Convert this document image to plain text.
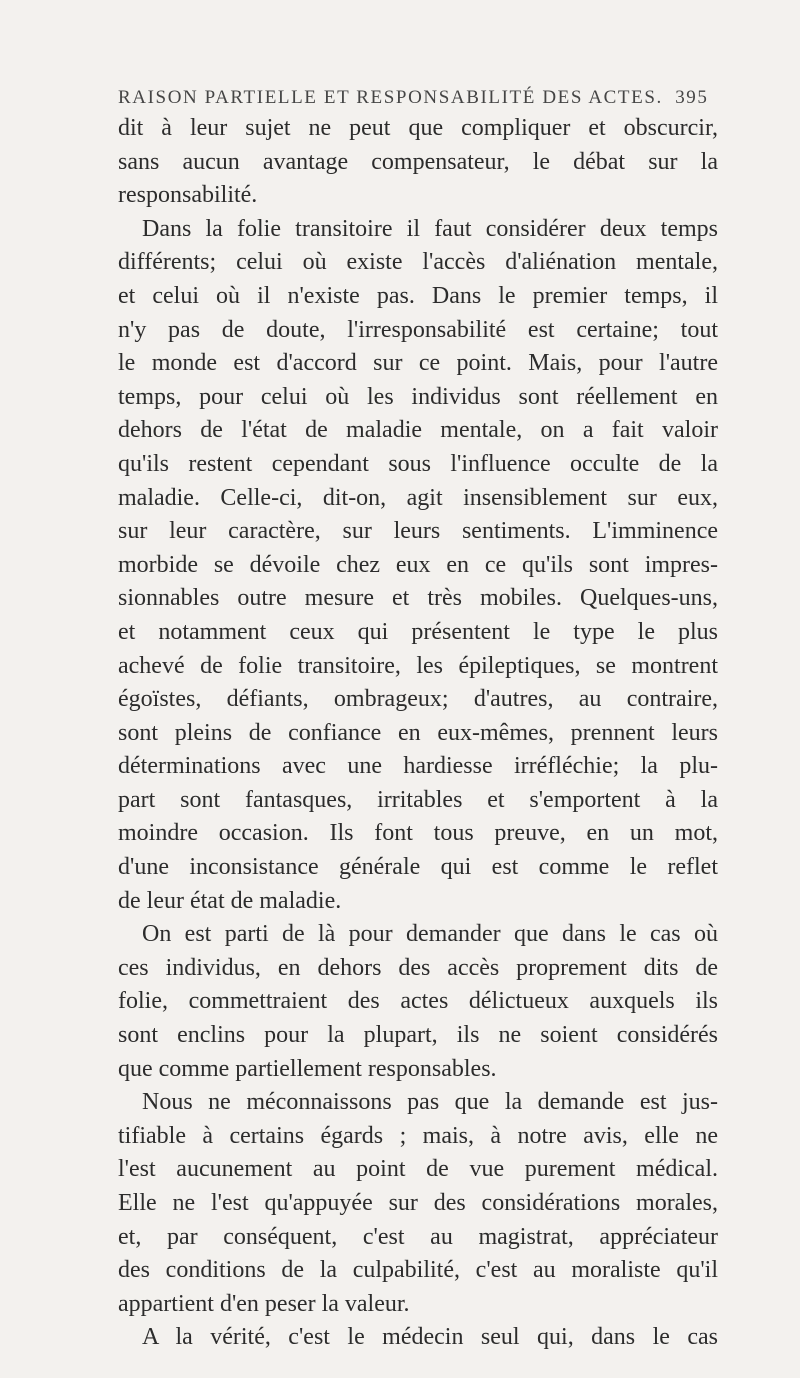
RAISON PARTIELLE ET RESPONSABILITÉ DES ACTES. 395
dit à leur sujet ne peut que compliquer et obscurcir,
sans aucun avantage compensateur, le débat sur la
responsabilité.
Dans la folie transitoire il faut considérer deux temps
différents; celui où existe l'accès d'aliénation mentale,
et celui où il n'existe pas. Dans le premier temps, il
n'y pas de doute, l'irresponsabilité est certaine; tout
le monde est d'accord sur ce point. Mais, pour l'autre
temps, pour celui où les individus sont réellement en
dehors de l'état de maladie mentale, on a fait valoir
qu'ils restent cependant sous l'influence occulte de la
maladie. Celle-ci, dit-on, agit insensiblement sur eux,
sur leur caractère, sur leurs sentiments. L'imminence
morbide se dévoile chez eux en ce qu'ils sont impres-
sionnables outre mesure et très mobiles. Quelques-uns,
et notamment ceux qui présentent le type le plus
achevé de folie transitoire, les épileptiques, se montrent
égoïstes, défiants, ombrageux; d'autres, au contraire,
sont pleins de confiance en eux-mêmes, prennent leurs
déterminations avec une hardiesse irréfléchie; la plu-
part sont fantasques, irritables et s'emportent à la
moindre occasion. Ils font tous preuve, en un mot,
d'une inconsistance générale qui est comme le reflet
de leur état de maladie.
On est parti de là pour demander que dans le cas où
ces individus, en dehors des accès proprement dits de
folie, commettraient des actes délictueux auxquels ils
sont enclins pour la plupart, ils ne soient considérés
que comme partiellement responsables.
Nous ne méconnaissons pas que la demande est jus-
tifiable à certains égards ; mais, à notre avis, elle ne
l'est aucunement au point de vue purement médical.
Elle ne l'est qu'appuyée sur des considérations morales,
et, par conséquent, c'est au magistrat, appréciateur
des conditions de la culpabilité, c'est au moraliste qu'il
appartient d'en peser la valeur.
A la vérité, c'est le médecin seul qui, dans le cas
